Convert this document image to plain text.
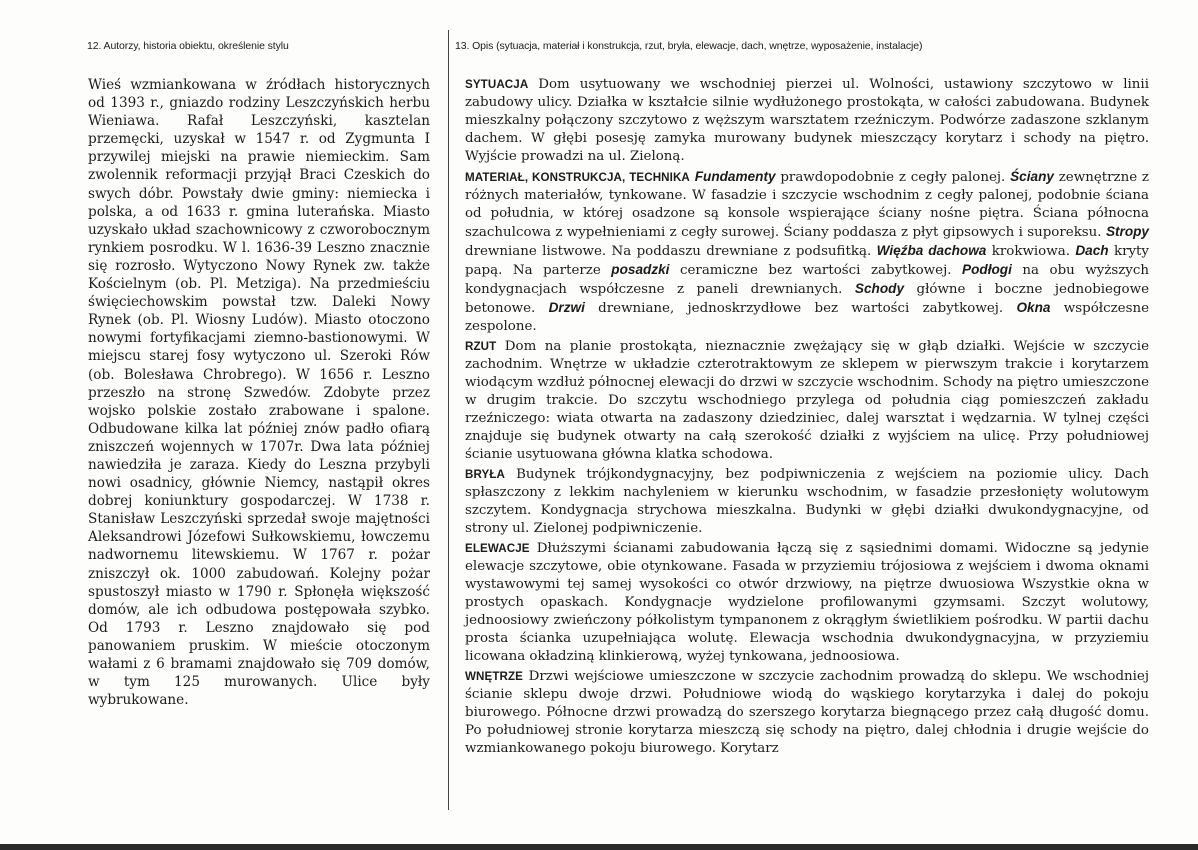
12. Autorzy, historia obiektu, określenie stylu

Wieś wzmiankowana w źródłach historycznych od 1393 r., gniazdo rodziny Leszczyńskich herbu Wieniawa. Rafał Leszczyński, kasztelan przemęcki, uzyskał w 1547 r. od Zygmunta I przywilej miejski na prawie niemieckim. Sam zwolennik reformacji przyjął Braci Czeskich do swych dóbr. Powstały dwie gminy: niemiecka i polska, a od 1633 r. gmina luterańska. Miasto uzyskało układ szachownicowy z czworobocznym rynkiem posrodku. W l. 1636-39 Leszno znacznie się rozrosło. Wytyczono Nowy Rynek zw. także Kościelnym (ob. Pl. Metziga). Na przedmieściu święciechowskim powstał tzw. Daleki Nowy Rynek (ob. Pl. Wiosny Ludów). Miasto otoczono nowymi fortyfikacjami ziemno-bastionowymi. W miejscu starej fosy wytyczono ul. Szeroki Rów (ob. Bolesława Chrobrego). W 1656 r. Leszno przeszło na stronę Szwedów. Zdobyte przez wojsko polskie zostało zrabowane i spalone. Odbudowane kilka lat później znów padło ofiarą zniszczeń wojennych w 1707r. Dwa lata później nawiedziła je zaraza. Kiedy do Leszna przybyli nowi osadnicy, głównie Niemcy, nastąpił okres dobrej koniunktury gospodarczej. W 1738 r. Stanisław Leszczyński sprzedał swoje majętności Aleksandrowi Józefowi Sułkowskiemu, łowczemu nadwornemu litewskiemu. W 1767 r. pożar zniszczył ok. 1000 zabudowań. Kolejny pożar spustoszył miasto w 1790 r. Spłonęła większość domów, ale ich odbudowa postępowała szybko. Od 1793 r. Leszno znajdowało się pod panowaniem pruskim. W mieście otoczonym wałami z 6 bramami znajdowało się 709 domów, w tym 125 murowanych. Ulice były wybrukowane.

13. Opis (sytuacja, materiał i konstrukcja, rzut, bryła, elewacje, dach, wnętrze, wyposażenie, instalacje)

SYTUACJA Dom usytuowany we wschodniej pierzei ul. Wolności, ustawiony szczytowo w linii zabudowy ulicy. Działka w kształcie silnie wydłużonego prostokąta, w całości zabudowana. Budynek mieszkalny połączony szczytowo z węższym warsztatem rzeźniczym. Podwórze zadaszone szklanym dachem. W głębi posesję zamyka murowany budynek mieszczący korytarz i schody na piętro. Wyjście prowadzi na ul. Zieloną.

MATERIAŁ, KONSTRUKCJA, TECHNIKA Fundamenty prawdopodobnie z cegły palonej. Ściany zewnętrzne z różnych materiałów, tynkowane. W fasadzie i szczycie wschodnim z cegły palonej, podobnie ściana od południa, w której osadzone są konsole wspierające ściany nośne piętra. Ściana północna szachulcowa z wypełnieniami z cegły surowej. Ściany poddasza z płyt gipsowych i suporeksu. Stropy drewniane listwowe. Na poddaszu drewniane z podsufitką. Więźba dachowa krokwiowa. Dach kryty papą. Na parterze posadzki ceramiczne bez wartości zabytkowej. Podłogi na obu wyższych kondygnacjach współczesne z paneli drewnianych. Schody główne i boczne jednobiegowe betonowe. Drzwi drewniane, jednoskrzydłowe bez wartości zabytkowej. Okna współczesne zespolone.

RZUT Dom na planie prostokąta, nieznacznie zwężający się w głąb działki. Wejście w szczycie zachodnim. Wnętrze w układzie czterotraktowym ze sklepem w pierwszym trakcie i korytarzem wiodącym wzdłuż północnej elewacji do drzwi w szczycie wschodnim. Schody na piętro umieszczone w drugim trakcie. Do szczytu wschodniego przylega od południa ciąg pomieszczeń zakładu rzeźniczego: wiata otwarta na zadaszony dziedziniec, dalej warsztat i wędzarnia. W tylnej części znajduje się budynek otwarty na całą szerokość działki z wyjściem na ulicę. Przy południowej ścianie usytuowana główna klatka schodowa.

BRYŁA Budynek trójkondygnacyjny, bez podpiwniczenia z wejściem na poziomie ulicy. Dach spłaszczony z lekkim nachyleniem w kierunku wschodnim, w fasadzie przesłonięty wolutowym szczytem. Kondygnacja strychowa mieszkalna. Budynki w głębi działki dwukondygnacyjne, od strony ul. Zielonej podpiwniczenie.

ELEWACJE Dłuższymi ścianami zabudowania łączą się z sąsiednimi domami. Widoczne są jedynie elewacje szczytowe, obie otynkowane. Fasada w przyziemiu trójosiowa z wejściem i dwoma oknami wystawowymi tej samej wysokości co otwór drzwiowy, na piętrze dwuosiowa Wszystkie okna w prostych opaskach. Kondygnacje wydzielone profilowanymi gzymsami. Szczyt wolutowy, jednoosiowy zwieńczony półkolistym tympanonem z okrągłym świetlikiem pośrodku. W partii dachu prosta ścianka uzupełniająca wolutę. Elewacja wschodnia dwukondygnacyjna, w przyziemiu licowana okładziną klinkierową, wyżej tynkowana, jednoosiowa.

WNĘTRZE Drzwi wejściowe umieszczone w szczycie zachodnim prowadzą do sklepu. We wschodniej ścianie sklepu dwoje drzwi. Południowe wiodą do wąskiego korytarzyka i dalej do pokoju biurowego. Północne drzwi prowadzą do szerszego korytarza biegnącego przez całą długość domu. Po południowej stronie korytarza mieszczą się schody na piętro, dalej chłodnia i drugie wejście do wzmiankowanego pokoju biurowego. Korytarz
